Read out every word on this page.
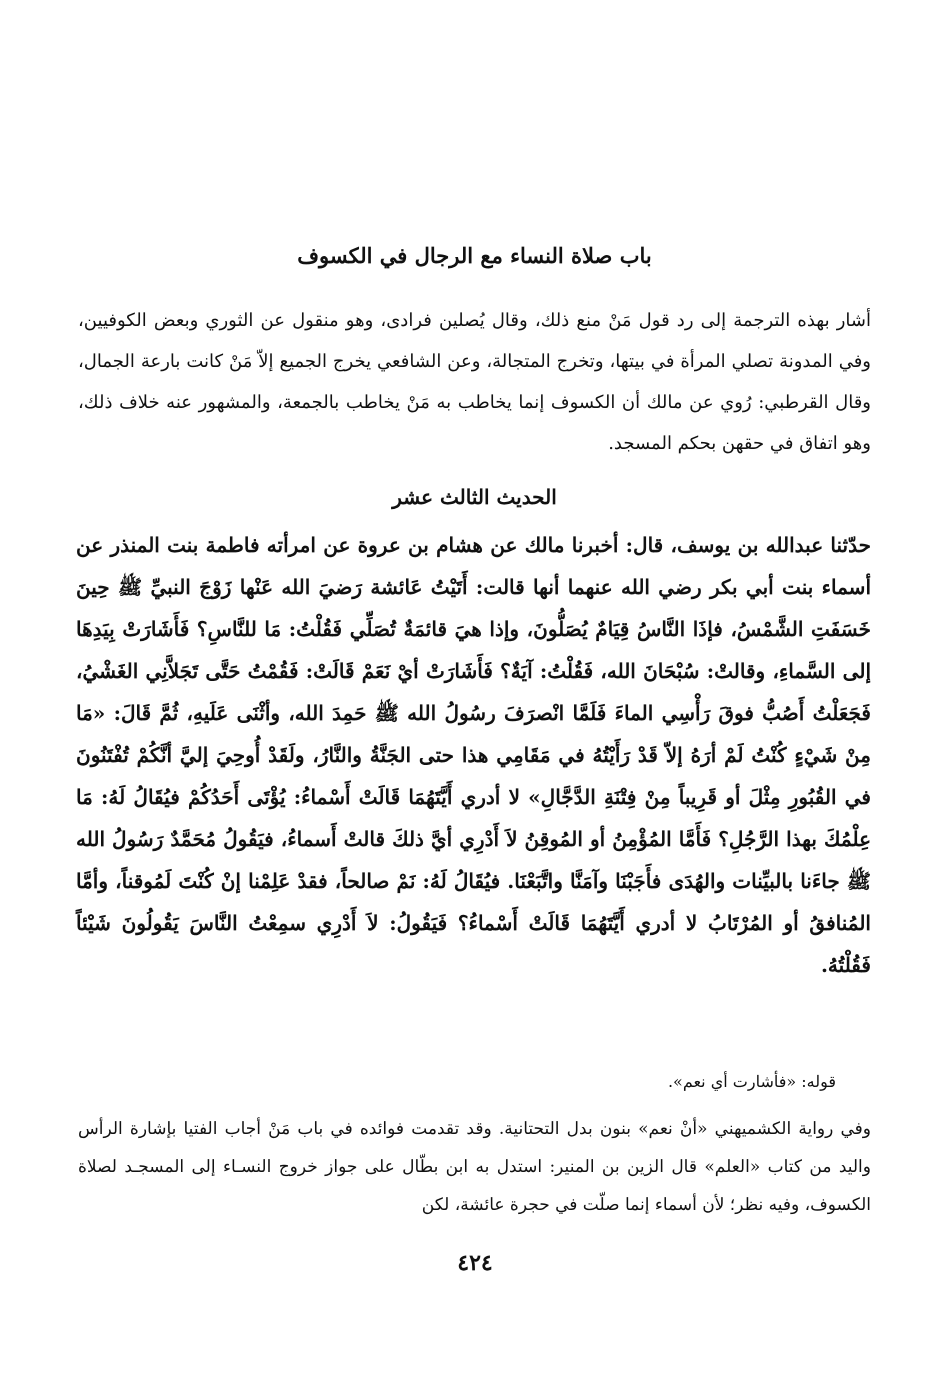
باب صلاة النساء مع الرجال في الكسوف

أشار بهذه الترجمة إلى رد قول مَنْ منع ذلك، وقال يُصلين فرادى، وهو منقول عن الثوري وبعض الكوفيين، وفي المدونة تصلي المرأة في بيتها، وتخرج المتجالة، وعن الشافعي يخرج الجميع إلاّ مَنْ كانت بارعة الجمال، وقال القرطبي: رُوي عن مالك أن الكسوف إنما يخاطب به مَنْ يخاطب بالجمعة، والمشهور عنه خلاف ذلك، وهو اتفاق في حقهن بحكم المسجد.

الحديث الثالث عشر

حدّثنا عبدالله بن يوسف، قال: أخبرنا مالك عن هشام بن عروة عن امرأته فاطمة بنت المنذر عن أسماء بنت أبي بكر رضي الله عنهما أنها قالت: أَتَيْتُ عَائشة رَضيَ الله عَنْها زَوْجَ النبيِّ ﷺ حِينَ خَسَفَتِ الشَّمْسُ، فإذَا النَّاسُ قِيَامٌ يُصَلُّونَ، وإذا هيَ قائمَةٌ تُصَلِّي فَقُلْتُ: مَا للنَّاسِ؟ فَأَشَارَتْ بِيَدِهَا إلى السَّماءِ، وقالتْ: سُبْحَانَ الله، فَقُلْتُ: آيَةٌ؟ فَأَشَارَتْ أيْ نَعَمْ قَالَتْ: فَقُمْتُ حَتَّى تَجَلاَّنِي الغَشْيُ، فَجَعَلْتُ أَصُبُّ فوقَ رَأْسِي الماءَ فَلَمَّا انْصرَفَ رسُولُ الله ﷺ حَمِدَ الله، وأثْنَى عَلَيهِ، ثُمَّ قَالَ: «مَا مِنْ شَيْءٍ كُنْتُ لَمْ أرَهُ إلاّ قَدْ رَأَيْتُهُ في مَقَامِي هذا حتى الجَنَّةُ والنَّارُ، ولَقَدْ أُوحِيَ إليَّ أنَّكُمْ تُفْتَنُونَ في القُبُورِ مِثْلَ أو قَرِيباً مِنْ فِتْنَةِ الدَّجَّالِ» لا أدري أَيَّتَهُمَا قَالَتْ أَسْماءُ: يُؤْتَى أَحَدُكُمْ فيُقَالُ لَهُ: مَا عِلْمُكَ بهذا الرَّجُلِ؟ فَأَمَّا المُؤْمِنُ أو المُوقِنُ لاَ أَدْرِي أيَّ ذلكَ قالتْ أَسماءُ، فيَقُولُ مُحَمَّدٌ رَسُولُ الله ﷺ جاءَنا بالبيِّنات والهُدَى فأَجَبْنَا وآمَنَّا واتَّبَعْنَا. فيُقَالُ لَهُ: نَمْ صالحاً، فقدْ عَلِمْنا إنْ كُنْتَ لَمُوقناً، وأمَّا المُنافقُ أو المُرْتَابُ لا أدري أَيَّتَهُمَا قَالَتْ أَسْماءُ؟ فَيَقُولُ: لاَ أَدْرِي سمِعْتُ النَّاسَ يَقُولُونَ شَيْئاً فَقُلْتُهُ.

قوله: «فأشارت أي نعم».

وفي رواية الكشميهني «أنْ نعم» بنون بدل التحتانية. وقد تقدمت فوائده في باب مَنْ أجاب الفتيا بإشارة الرأس واليد من كتاب «العلم» قال الزين بن المنير: استدل به ابن بطّال على جواز خروج النسـاء إلى المسجـد لصلاة الكسوف، وفيه نظر؛ لأن أسماء إنما صلّت في حجرة عائشة، لكن

٤٢٤
